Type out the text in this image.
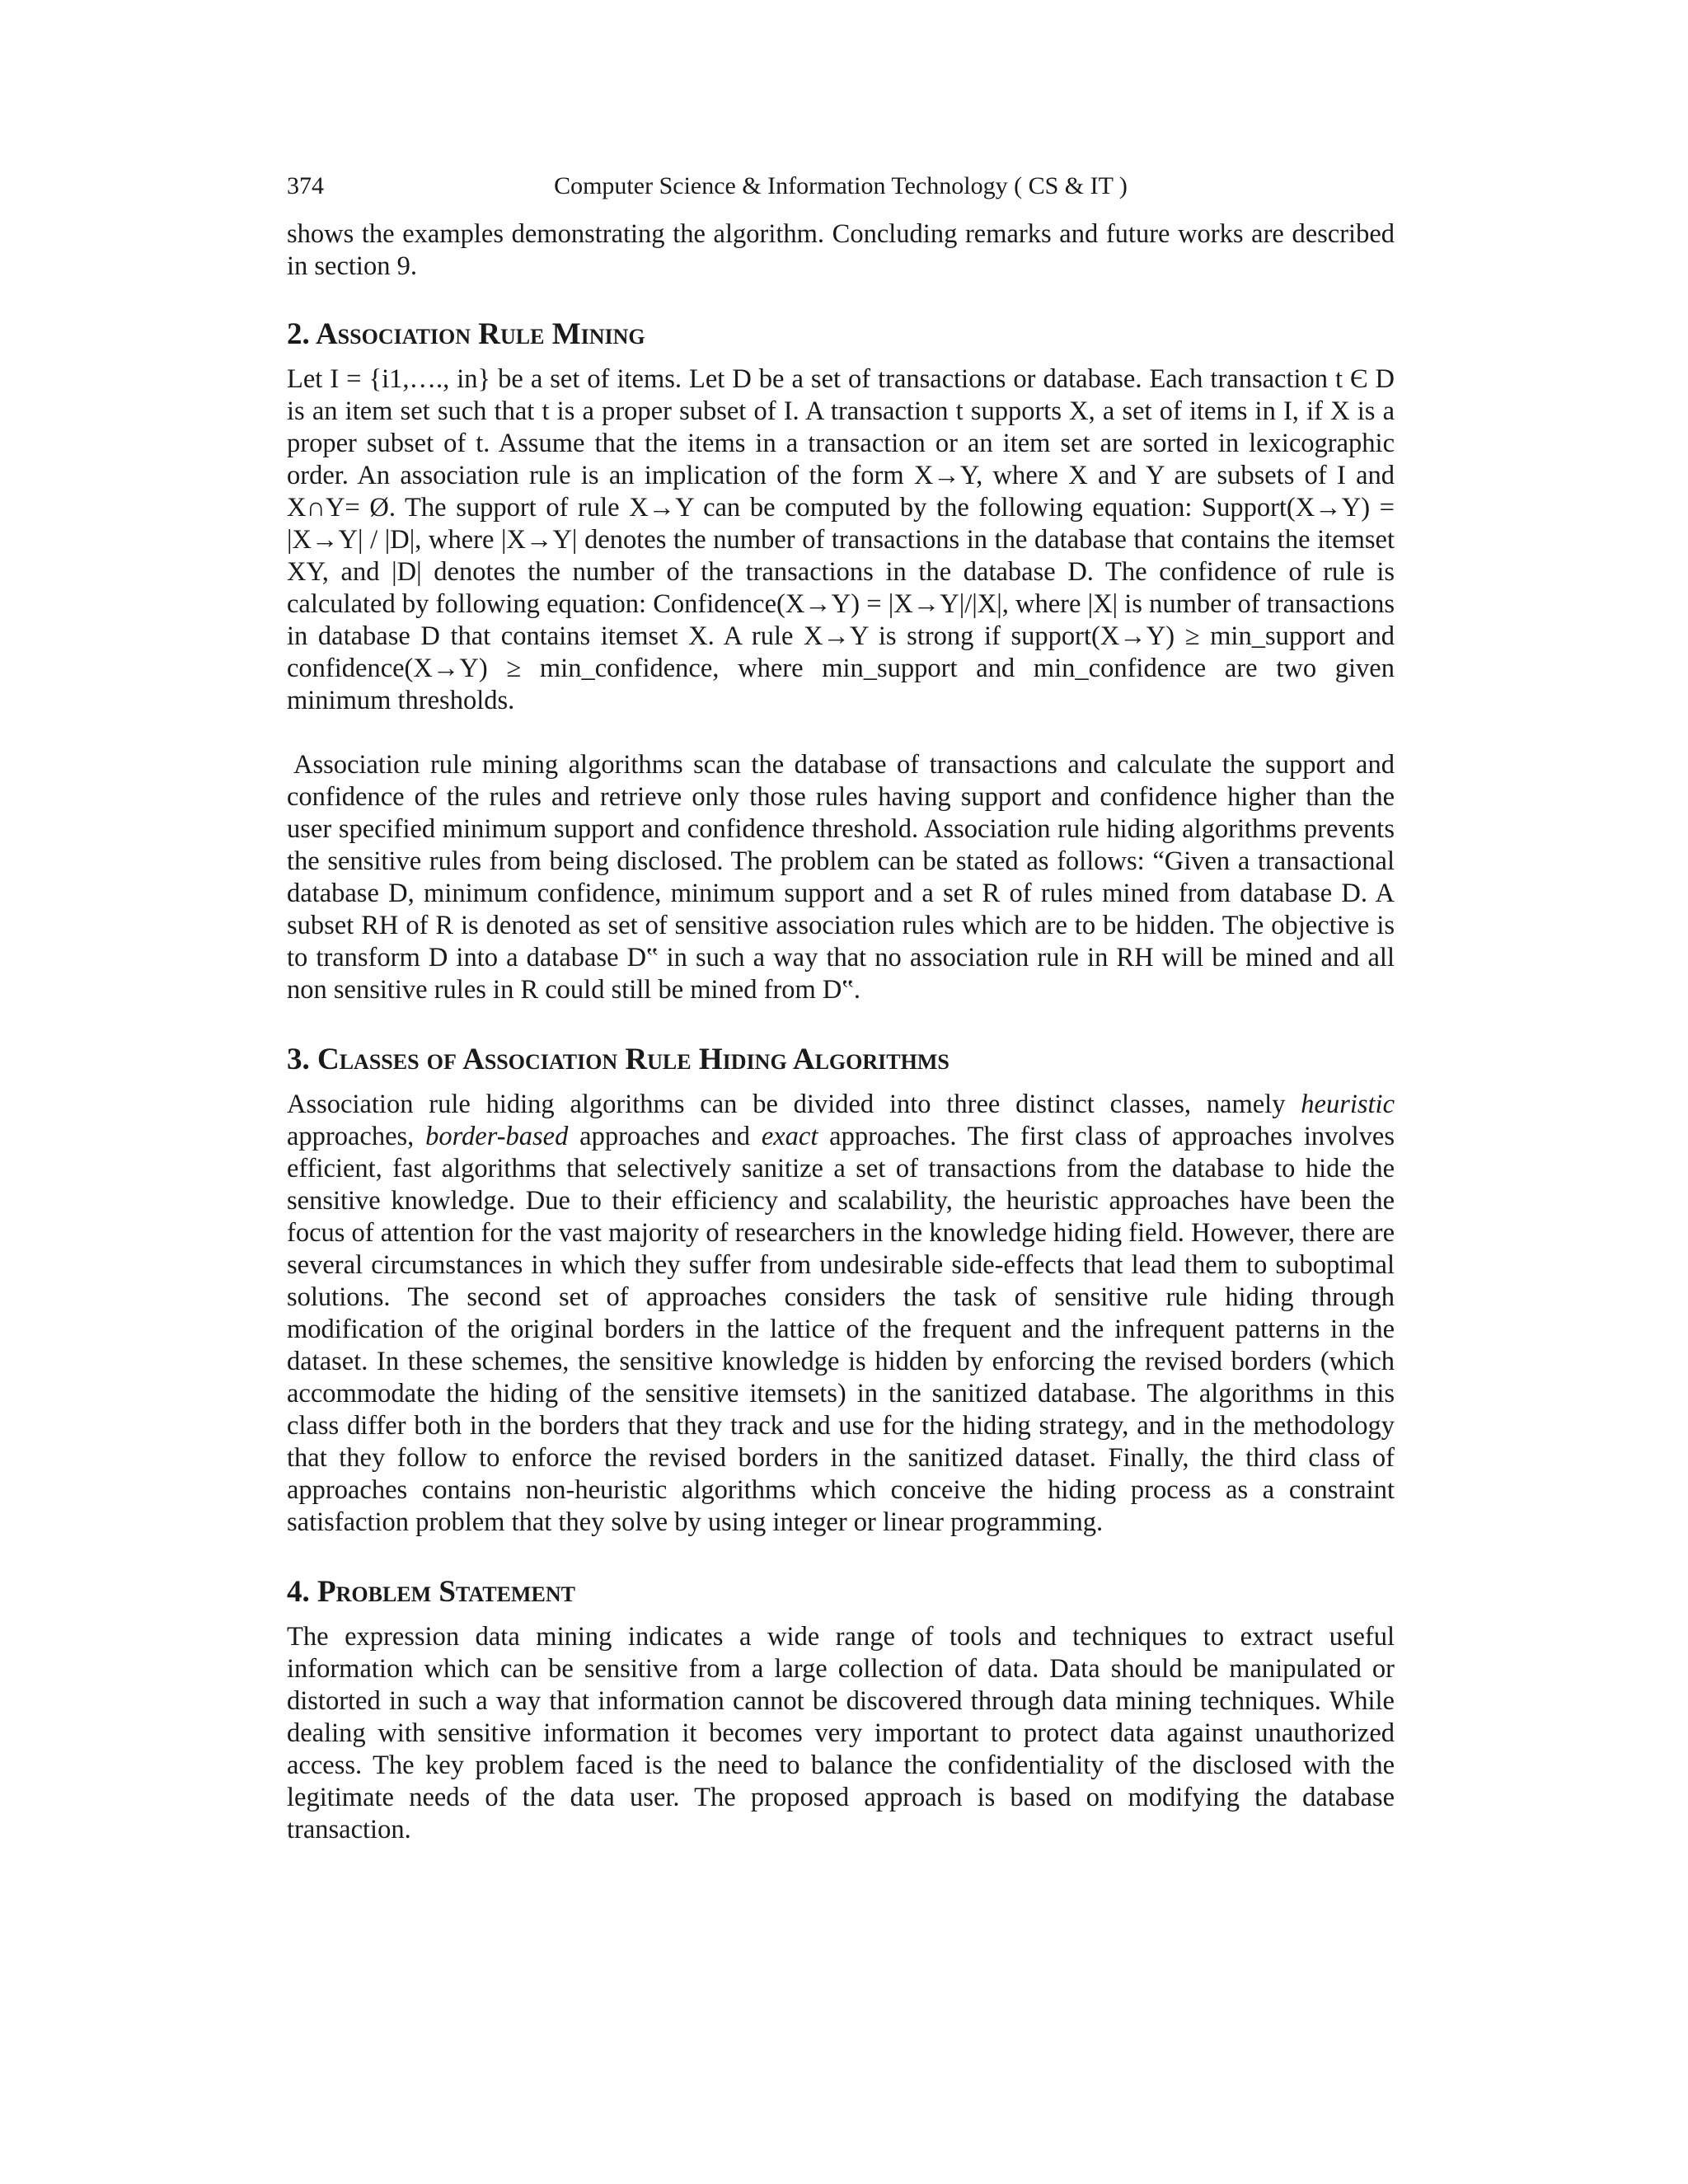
374	Computer Science & Information Technology ( CS & IT )

shows the examples demonstrating the algorithm. Concluding remarks and future works are described in section 9.

2. Association Rule Mining

Let I = {i1,…., in} be a set of items. Let D be a set of transactions or database. Each transaction t Є D is an item set such that t is a proper subset of I. A transaction t supports X, a set of items in I, if X is a proper subset of t. Assume that the items in a transaction or an item set are sorted in lexicographic order. An association rule is an implication of the form X→Y, where X and Y are subsets of I and X∩Y= Ø. The support of rule X→Y can be computed by the following equation: Support(X→Y) = |X→Y| / |D|, where |X→Y| denotes the number of transactions in the database that contains the itemset XY, and |D| denotes the number of the transactions in the database D. The confidence of rule is calculated by following equation: Confidence(X→Y) = |X→Y|/|X|, where |X| is number of transactions in database D that contains itemset X. A rule X→Y is strong if support(X→Y) ≥ min_support and confidence(X→Y) ≥ min_confidence, where min_support and min_confidence are two given minimum thresholds.

Association rule mining algorithms scan the database of transactions and calculate the support and confidence of the rules and retrieve only those rules having support and confidence higher than the user specified minimum support and confidence threshold. Association rule hiding algorithms prevents the sensitive rules from being disclosed. The problem can be stated as follows: “Given a transactional database D, minimum confidence, minimum support and a set R of rules mined from database D. A subset RH of R is denoted as set of sensitive association rules which are to be hidden. The objective is to transform D into a database D‟ in such a way that no association rule in RH will be mined and all non sensitive rules in R could still be mined from D‟.

3. Classes of Association Rule Hiding Algorithms

Association rule hiding algorithms can be divided into three distinct classes, namely heuristic approaches, border-based approaches and exact approaches. The first class of approaches involves efficient, fast algorithms that selectively sanitize a set of transactions from the database to hide the sensitive knowledge. Due to their efficiency and scalability, the heuristic approaches have been the focus of attention for the vast majority of researchers in the knowledge hiding field. However, there are several circumstances in which they suffer from undesirable side-effects that lead them to suboptimal solutions. The second set of approaches considers the task of sensitive rule hiding through modification of the original borders in the lattice of the frequent and the infrequent patterns in the dataset. In these schemes, the sensitive knowledge is hidden by enforcing the revised borders (which accommodate the hiding of the sensitive itemsets) in the sanitized database. The algorithms in this class differ both in the borders that they track and use for the hiding strategy, and in the methodology that they follow to enforce the revised borders in the sanitized dataset. Finally, the third class of approaches contains non-heuristic algorithms which conceive the hiding process as a constraint satisfaction problem that they solve by using integer or linear programming.

4. Problem Statement

The expression data mining indicates a wide range of tools and techniques to extract useful information which can be sensitive from a large collection of data. Data should be manipulated or distorted in such a way that information cannot be discovered through data mining techniques. While dealing with sensitive information it becomes very important to protect data against unauthorized access. The key problem faced is the need to balance the confidentiality of the disclosed with the legitimate needs of the data user. The proposed approach is based on modifying the database transaction.
